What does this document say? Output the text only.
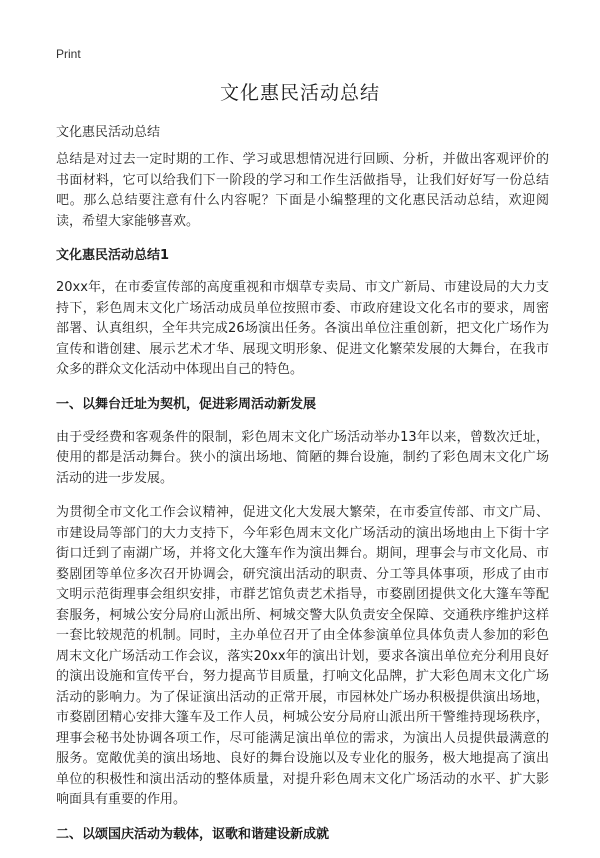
Print
文化惠民活动总结
文化惠民活动总结

总结是对过去一定时期的工作、学习或思想情况进行回顾、分析，并做出客观评价的书面材料，它可以给我们下一阶段的学习和工作生活做指导，让我们好好写一份总结吧。那么总结要注意有什么内容呢？下面是小编整理的文化惠民活动总结，欢迎阅读，希望大家能够喜欢。

文化惠民活动总结1

20xx年，在市委宣传部的高度重视和市烟草专卖局、市文广新局、市建设局的大力支持下，彩色周末文化广场活动成员单位按照市委、市政府建设文化名市的要求，周密部署、认真组织，全年共完成26场演出任务。各演出单位注重创新，把文化广场作为宣传和谐创建、展示艺术才华、展现文明形象、促进文化繁荣发展的大舞台，在我市众多的群众文化活动中体现出自己的特色。

一、以舞台迁址为契机，促进彩周活动新发展

由于受经费和客观条件的限制，彩色周末文化广场活动举办13年以来，曾数次迁址，使用的都是活动舞台。狭小的演出场地、简陋的舞台设施，制约了彩色周末文化广场活动的进一步发展。

为贯彻全市文化工作会议精神，促进文化大发展大繁荣，在市委宣传部、市文广局、市建设局等部门的大力支持下，今年彩色周末文化广场活动的演出场地由上下街十字街口迁到了南湖广场，并将文化大篷车作为演出舞台。期间，理事会与市文化局、市婺剧团等单位多次召开协调会，研究演出活动的职责、分工等具体事项，形成了由市文明示范街理事会组织安排，市群艺馆负责艺术指导，市婺剧团提供文化大篷车等配套服务，柯城公安分局府山派出所、柯城交警大队负责安全保障、交通秩序维护这样一套比较规范的机制。同时，主办单位召开了由全体参演单位具体负责人参加的彩色周末文化广场活动工作会议，落实20xx年的演出计划，要求各演出单位充分利用良好的演出设施和宣传平台，努力提高节目质量，打响文化品牌，扩大彩色周末文化广场活动的影响力。为了保证演出活动的正常开展，市园林处广场办积极提供演出场地，市婺剧团精心安排大篷车及工作人员，柯城公安分局府山派出所干警维持现场秩序，理事会秘书处协调各项工作，尽可能满足演出单位的需求，为演出人员提供最满意的服务。宽敞优美的演出场地、良好的舞台设施以及专业化的服务，极大地提高了演出单位的积极性和演出活动的整体质量，对提升彩色周末文化广场活动的水平、扩大影响面具有重要的作用。

二、以颂国庆活动为载体，讴歌和谐建设新成就
